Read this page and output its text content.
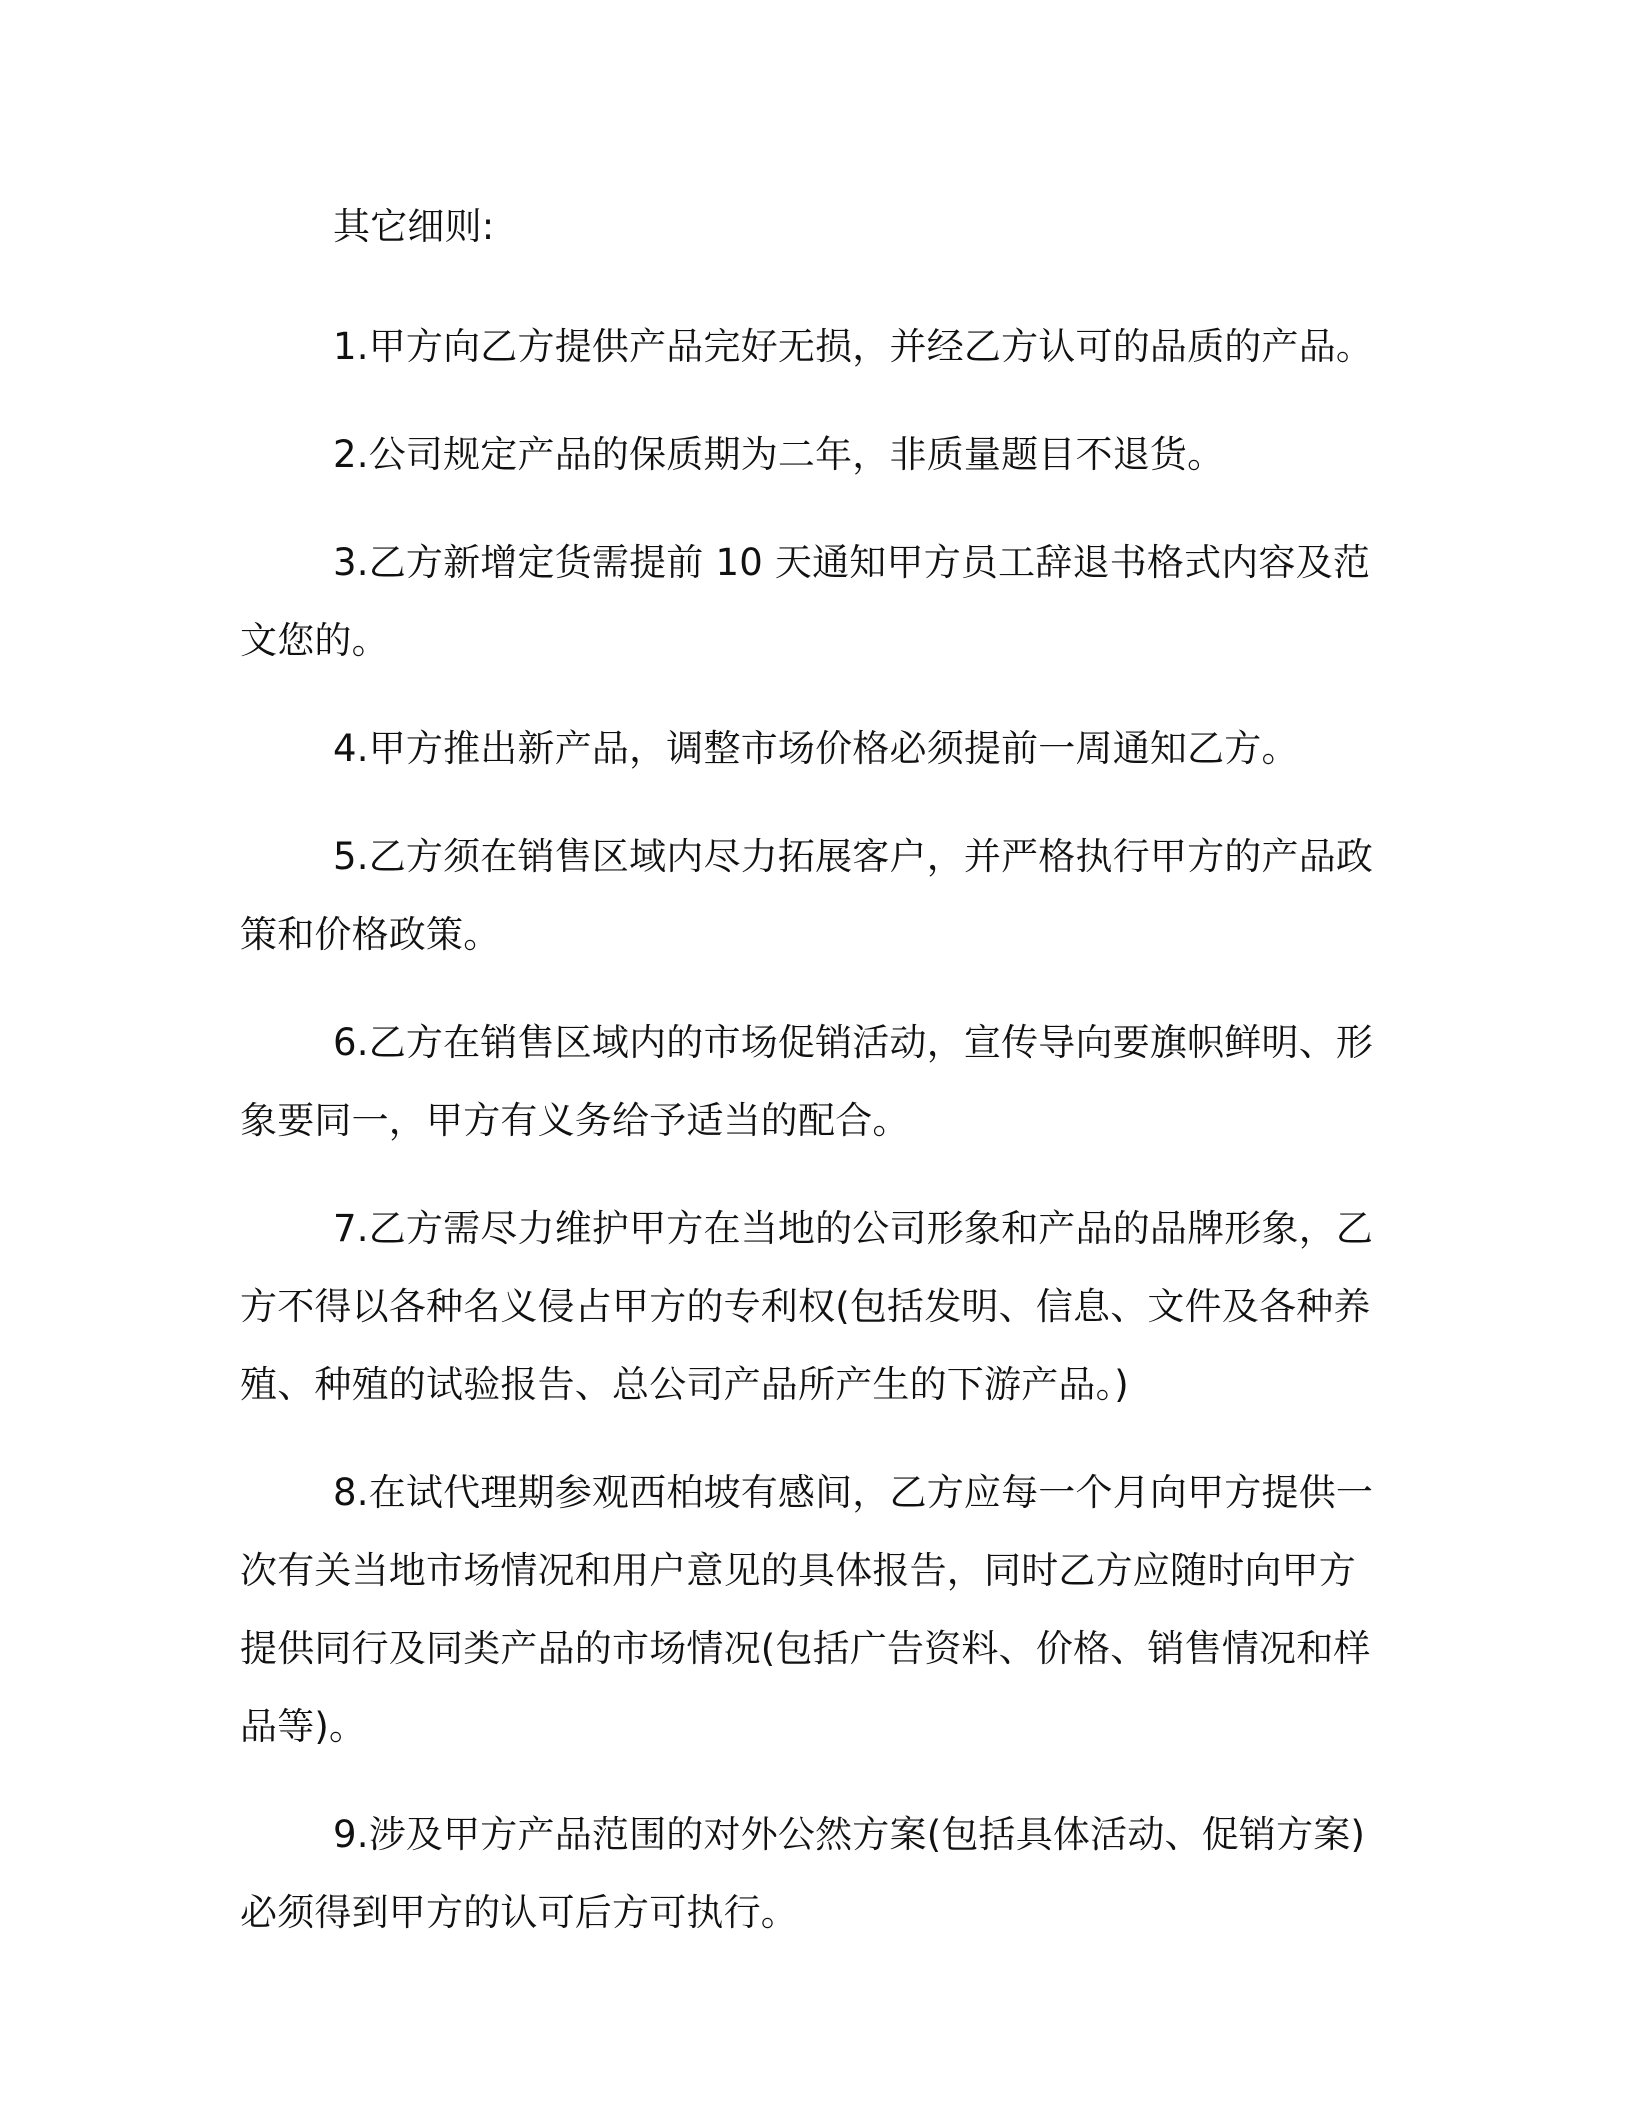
其它细则:

1.甲方向乙方提供产品完好无损，并经乙方认可的品质的产品。

2.公司规定产品的保质期为二年，非质量题目不退货。

3.乙方新增定货需提前 10 天通知甲方员工辞退书格式内容及范文您的。

4.甲方推出新产品，调整市场价格必须提前一周通知乙方。

5.乙方须在销售区域内尽力拓展客户，并严格执行甲方的产品政策和价格政策。

6.乙方在销售区域内的市场促销活动，宣传导向要旗帜鲜明、形象要同一，甲方有义务给予适当的配合。

7.乙方需尽力维护甲方在当地的公司形象和产品的品牌形象，乙方不得以各种名义侵占甲方的专利权(包括发明、信息、文件及各种养殖、种殖的试验报告、总公司产品所产生的下游产品。)

8.在试代理期参观西柏坡有感间，乙方应每一个月向甲方提供一次有关当地市场情况和用户意见的具体报告，同时乙方应随时向甲方提供同行及同类产品的市场情况(包括广告资料、价格、销售情况和样品等)。

9.涉及甲方产品范围的对外公然方案(包括具体活动、促销方案)必须得到甲方的认可后方可执行。
